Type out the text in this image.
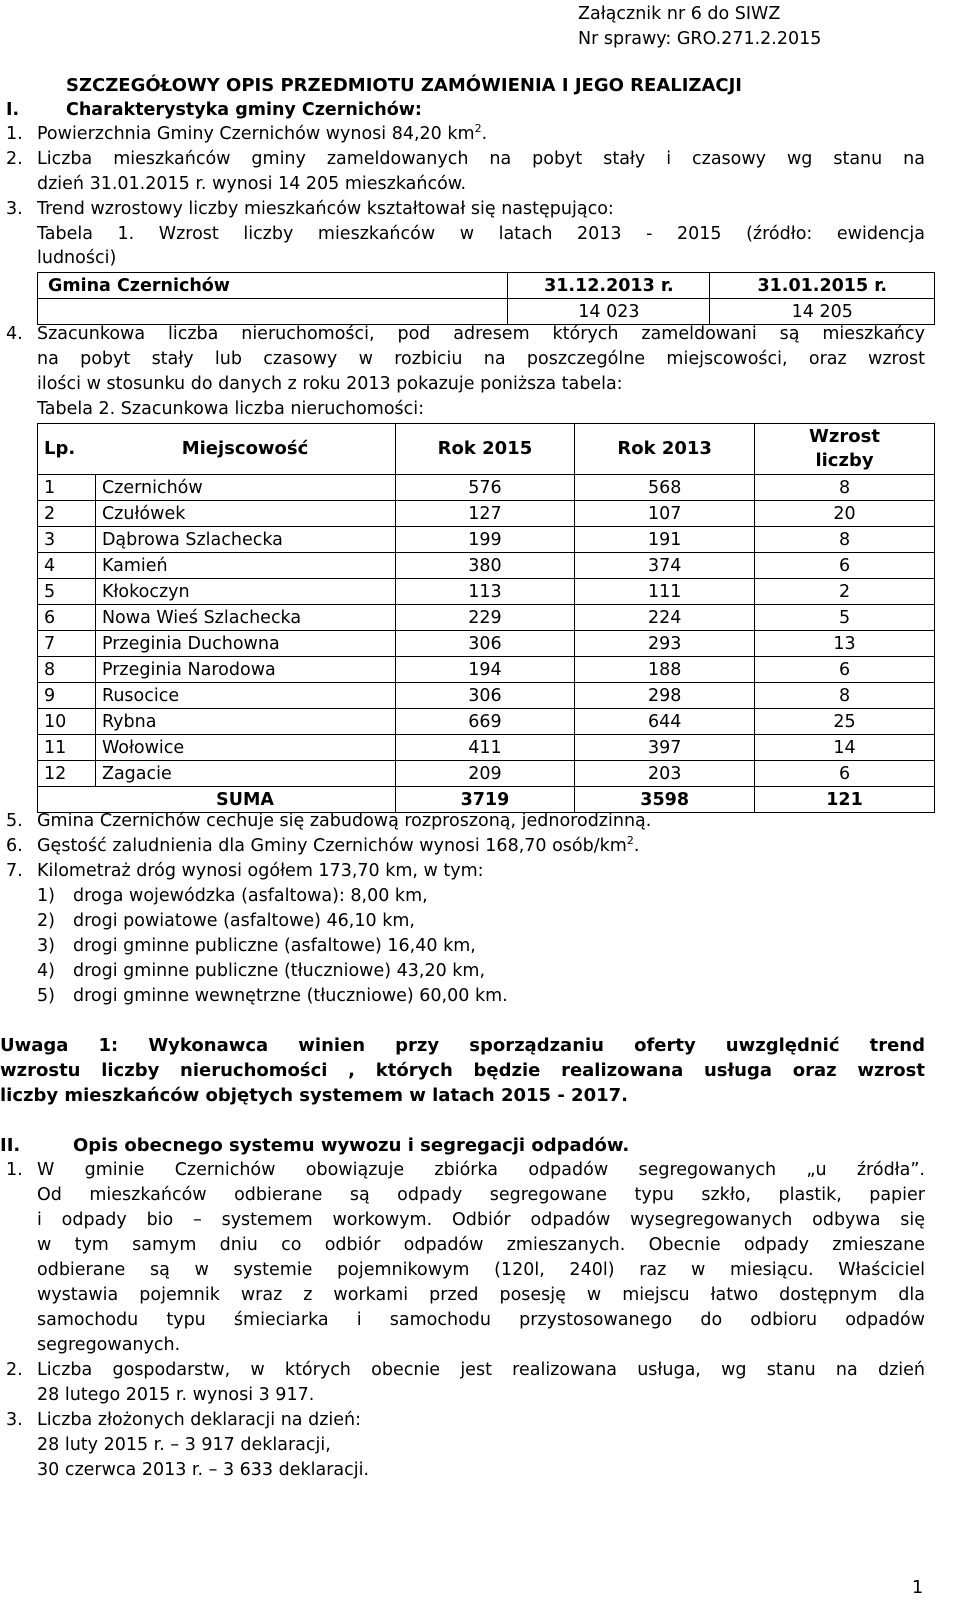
Załącznik nr 6 do SIWZ
Nr sprawy: GRO.271.2.2015
SZCZEGÓŁOWY OPIS PRZEDMIOTU ZAMÓWIENIA I JEGO REALIZACJI
I.	Charakterystyka gminy Czernichów:
1. Powierzchnia Gminy Czernichów wynosi 84,20 $km^2$.
2. Liczba mieszkańców gminy zameldowanych na pobyt stały i czasowy wg stanu na
dzień 31.01.2015 r. wynosi 14 205 mieszkańców.
3. Trend wzrostowy liczby mieszkańców kształtował się następująco:
Tabela 1. Wzrost liczby mieszkańców w latach 2013 - 2015 (źródło: ewidencja
ludności)
Gmina Czernichów	31.12.2013 r.	31.01.2015 r.
	14 023	14 205
4. Szacunkowa liczba nieruchomości, pod adresem których zameldowani są mieszkańcy
na pobyt stały lub czasowy w rozbiciu na poszczególne miejscowości, oraz wzrost
ilości w stosunku do danych z roku 2013 pokazuje poniższa tabela:
Tabela 2. Szacunkowa liczba nieruchomości:
Lp.	Miejscowość	Rok 2015	Rok 2013	Wzrost liczby
1	Czernichów	576	568	8
2	Czułówek	127	107	20
3	Dąbrowa Szlachecka	199	191	8
4	Kamień	380	374	6
5	Kłokoczyn	113	111	2
6	Nowa Wieś Szlachecka	229	224	5
7	Przeginia Duchowna	306	293	13
8	Przeginia Narodowa	194	188	6
9	Rusocice	306	298	8
10	Rybna	669	644	25
11	Wołowice	411	397	14
12	Zagacie	209	203	6
	SUMA	3719	3598	121
5. Gmina Czernichów cechuje się zabudową rozproszoną, jednorodzinną.
6. Gęstość zaludnienia dla Gminy Czernichów wynosi 168,70 osób/$km^2$.
7. Kilometraż dróg wynosi ogółem 173,70 km, w tym:
1) droga wojewódzka (asfaltowa): 8,00 km,
2) drogi powiatowe (asfaltowe) 46,10 km,
3) drogi gminne publiczne (asfaltowe) 16,40 km,
4) drogi gminne publiczne (tłuczniowe) 43,20 km,
5) drogi gminne wewnętrzne (tłuczniowe) 60,00 km.
Uwaga 1: Wykonawca winien przy sporządzaniu oferty uwzględnić trend
wzrostu liczby nieruchomości , których będzie realizowana usługa oraz wzrost
liczby mieszkańców objętych systemem w latach 2015 - 2017.
II.	Opis obecnego systemu wywozu i segregacji odpadów.
1. W gminie Czernichów obowiązuje zbiórka odpadów segregowanych „u źródła”.
Od mieszkańców odbierane są odpady segregowane typu szkło, plastik, papier
i odpady bio – systemem workowym. Odbiór odpadów wysegregowanych odbywa się
w tym samym dniu co odbiór odpadów zmieszanych. Obecnie odpady zmieszane
odbierane są w systemie pojemnikowym (120l, 240l) raz w miesiącu. Właściciel
wystawia pojemnik wraz z workami przed posesję w miejscu łatwo dostępnym dla
samochodu typu śmieciarka i samochodu przystosowanego do odbioru odpadów
segregowanych.
2. Liczba gospodarstw, w których obecnie jest realizowana usługa, wg stanu na dzień
28 lutego 2015 r. wynosi 3 917.
3. Liczba złożonych deklaracji na dzień:
28 luty 2015 r. – 3 917 deklaracji,
30 czerwca 2013 r. – 3 633 deklaracji.
1
